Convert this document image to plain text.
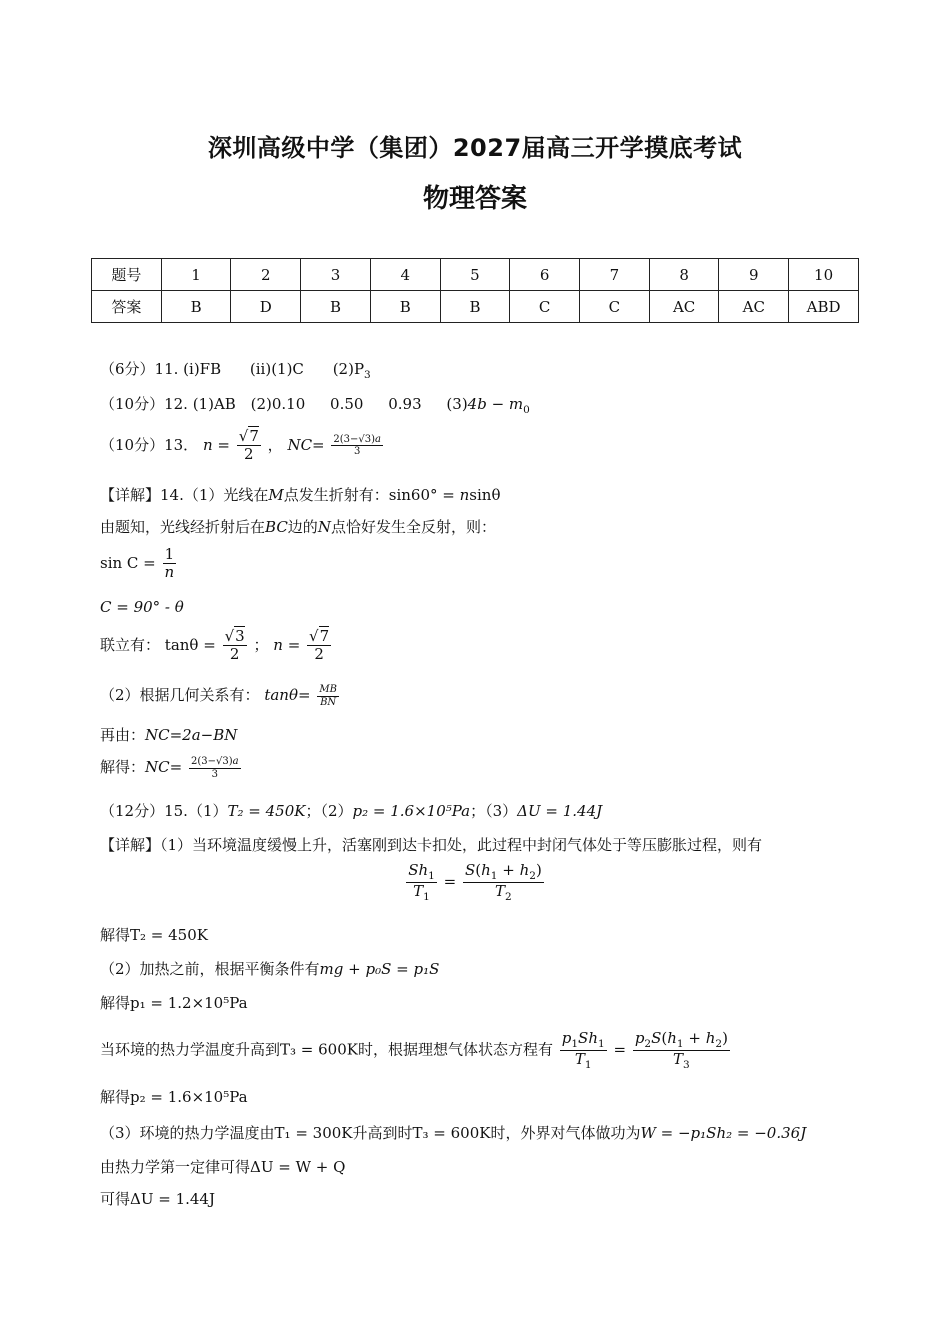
深圳高级中学（集团）2027届高三开学摸底考试
物理答案
题号	1	2	3	4	5	6	7	8	9	10
答案	B	D	B	B	B	C	C	AC	AC	ABD
（6分）11. (i)FB (ii)(1)C $(2)P_3$
（10分）12. (1)AB (2)0.10 0.50 0.93 $(3)4b - m_0$
（10分）13． $n = \frac{√7}{2}$ ， $NC= \frac{2(3-√3)a}{3}$
【详解】14.（1）光线在M点发生折射有：sin60° = nsinθ
由题知，光线经折射后在BC边的N点恰好发生全反射，则：
$\sin C = \frac{1}{n}$
C = 90° - θ
联立有： $\tan\theta = \frac{√3}{2}$ ； $n = \frac{√7}{2}$
（2）根据几何关系有： $\tan\theta= \frac{MB}{BN}$
再由：NC=2a−BN
解得：$NC= \frac{2(3-√3)a}{3}$
（12分）15.（1）T₂ = 450K；（2）p₂ = 1.6×10⁵Pa；（3）ΔU = 1.44J
【详解】（1）当环境温度缓慢上升，活塞刚到达卡扣处，此过程中封闭气体处于等压膨胀过程，则有
$\frac{Sh_1}{T_1} = \frac{S(h_1 + h_2)}{T_2}$
解得T₂ = 450K
（2）加热之前，根据平衡条件有mg + p₀S = p₁S
解得p₁ = 1.2×10⁵Pa
当环境的热力学温度升高到T₃ = 600K时，根据理想气体状态方程有 $\frac{p_1Sh_1}{T_1} = \frac{p_2S(h_1 + h_2)}{T_3}$
解得p₂ = 1.6×10⁵Pa
（3）环境的热力学温度由T₁ = 300K升高到时T₃ = 600K时，外界对气体做功为W = −p₁Sh₂ = −0.36J
由热力学第一定律可得ΔU = W + Q
可得ΔU = 1.44J
